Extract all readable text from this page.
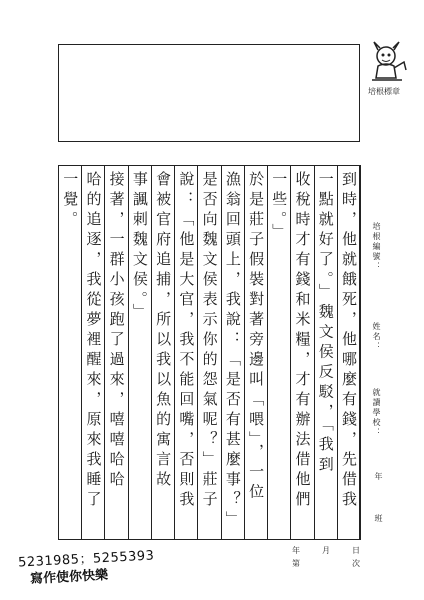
培根標章
培根編號：
姓名：
就讀學校：
年
班
到時，他就餓死，他哪麼有錢，先借我
一點就好了。」魏文侯反駁，「我到
收稅時才有錢和米糧，才有辦法借他們
一些。」
於是莊子假裝對著旁邊叫「喂」，一位
漁翁回頭上，我說：「是否有甚麼事？」
是否向魏文侯表示你的怨氣呢？」莊子
說：「他是大官，我不能回嘴，否則我
會被官府追捕，所以我以魚的寓言故
事諷刺魏文侯。」
接著，一群小孩跑了過來，嘻嘻哈哈
哈的追逐，我從夢裡醒來，原來我睡了
一覺。
年	月	日
第	次
5231985；5255393
寫作使你快樂
